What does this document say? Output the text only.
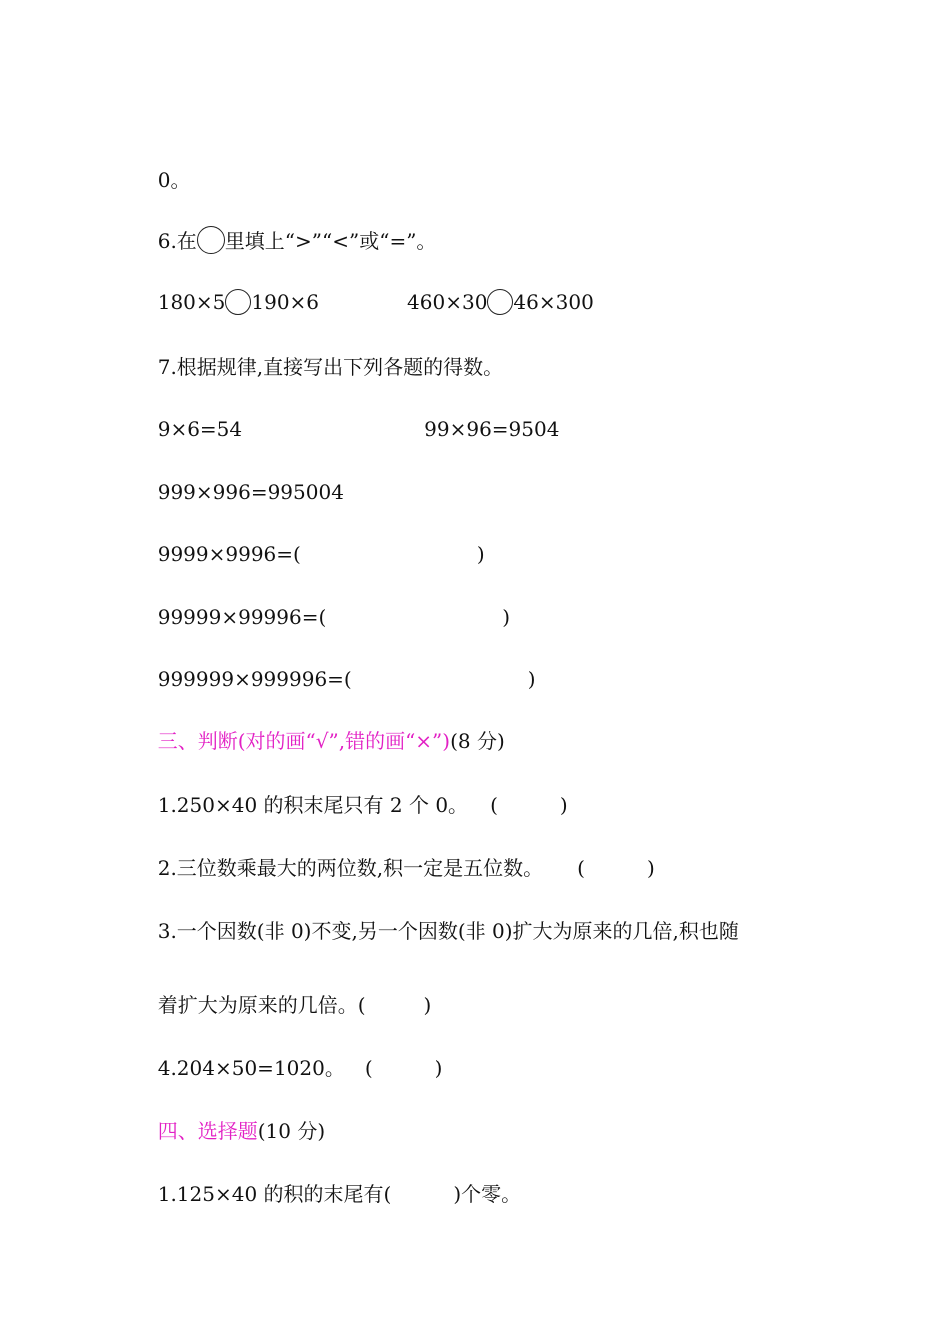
0。

6.在 里填上“>”“<”或“=”。

180×5 190×6	460×30 46×300

7.根据规律,直接写出下列各题的得数。

9×6=54	99×96=9504

999×996=995004

9999×9996=(	)

99999×99996=(	)

999999×999996=(	)

三、判断(对的画“√”,错的画“×”)(8 分)

1.250×40 的积末尾只有 2 个 0。 (	)

2.三位数乘最大的两位数,积一定是五位数。 (	)

3.一个因数(非 0)不变,另一个因数(非 0)扩大为原来的几倍,积也随

着扩大为原来的几倍。(	)

4.204×50=1020。 (	)

四、选择题(10 分)

1.125×40 的积的末尾有(	)个零。
